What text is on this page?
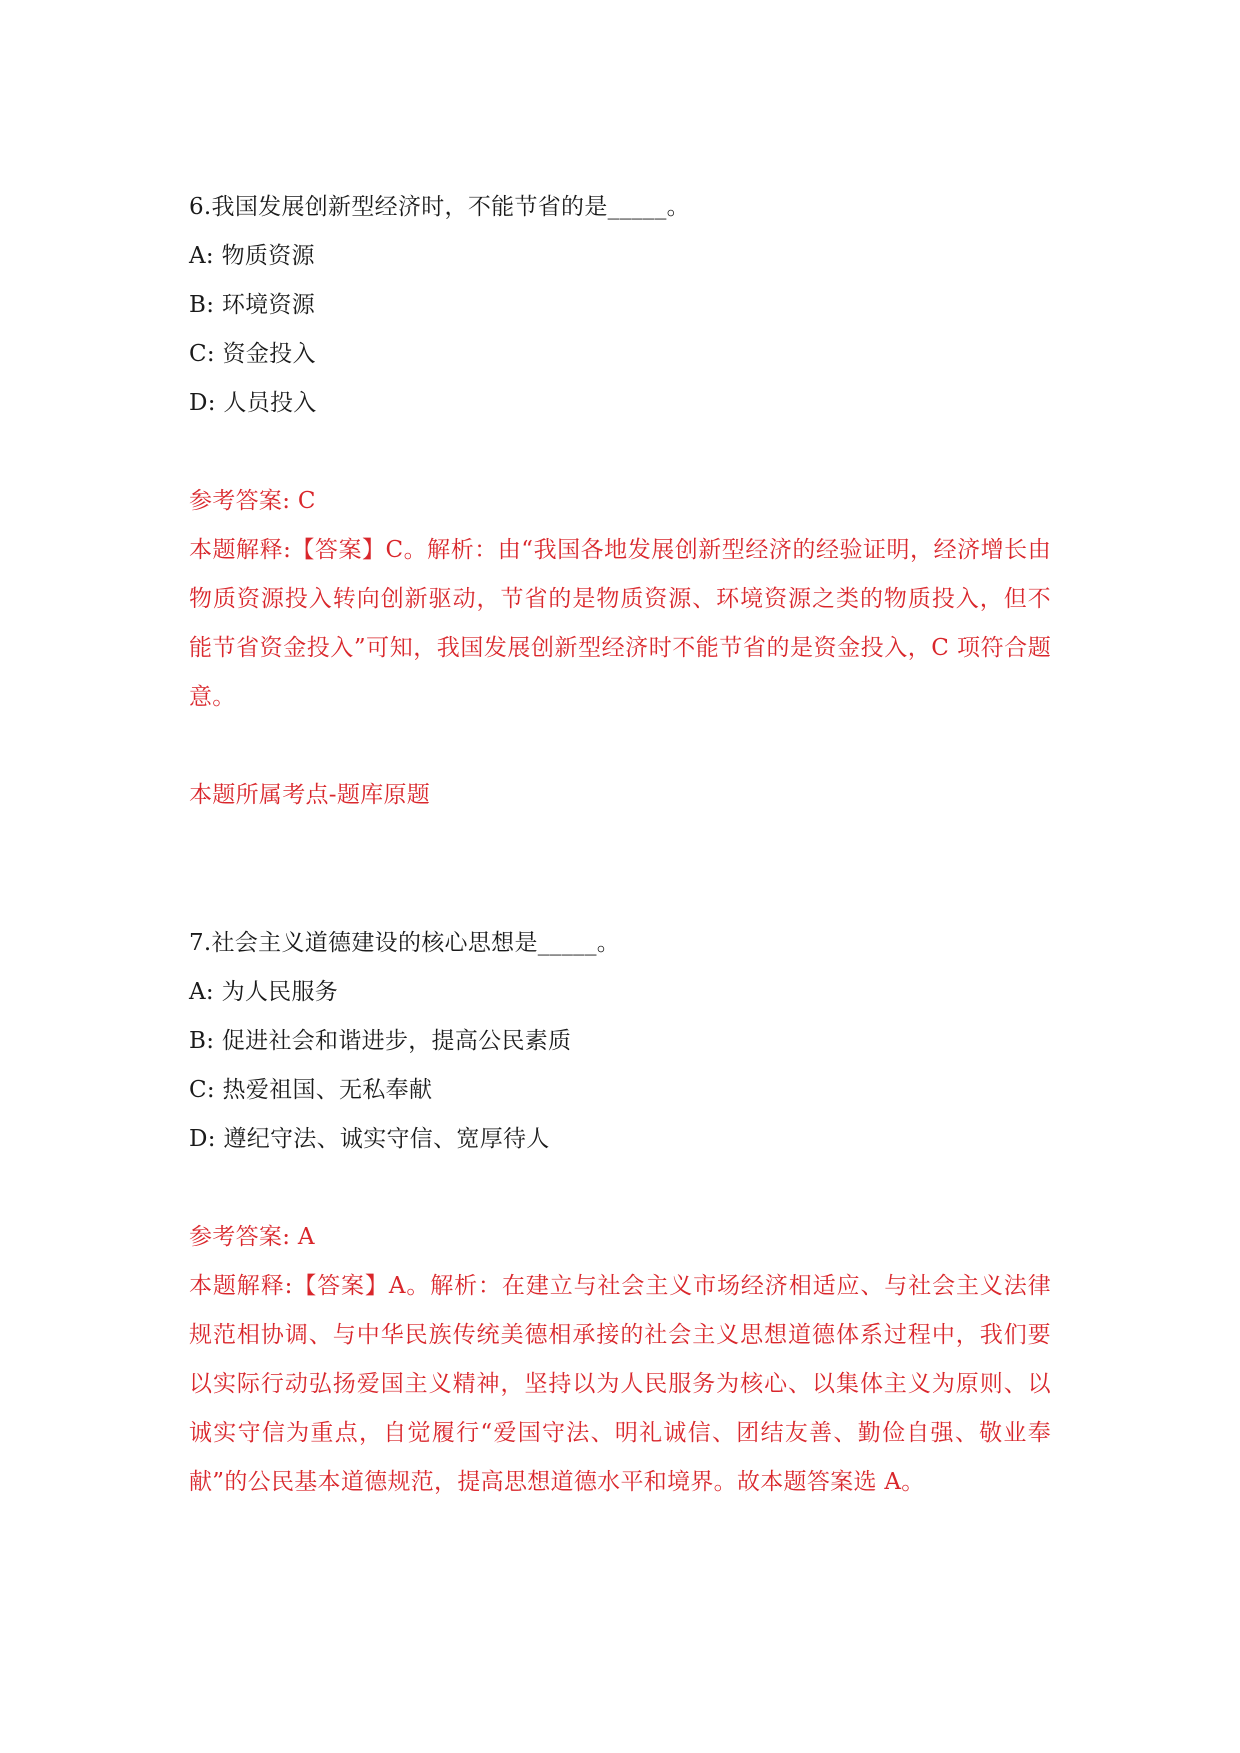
6.我国发展创新型经济时，不能节省的是_____。
A: 物质资源
B: 环境资源
C: 资金投入
D: 人员投入
参考答案: C
本题解释:【答案】C。解析：由“我国各地发展创新型经济的经验证明，经济增长由物质资源投入转向创新驱动，节省的是物质资源、环境资源之类的物质投入，但不能节省资金投入”可知，我国发展创新型经济时不能节省的是资金投入，C 项符合题意。
本题所属考点-题库原题
7.社会主义道德建设的核心思想是_____。
A: 为人民服务
B: 促进社会和谐进步，提高公民素质
C: 热爱祖国、无私奉献
D: 遵纪守法、诚实守信、宽厚待人
参考答案: A
本题解释:【答案】A。解析：在建立与社会主义市场经济相适应、与社会主义法律规范相协调、与中华民族传统美德相承接的社会主义思想道德体系过程中，我们要以实际行动弘扬爱国主义精神，坚持以为人民服务为核心、以集体主义为原则、以诚实守信为重点，自觉履行“爱国守法、明礼诚信、团结友善、勤俭自强、敬业奉献”的公民基本道德规范，提高思想道德水平和境界。故本题答案选 A。
